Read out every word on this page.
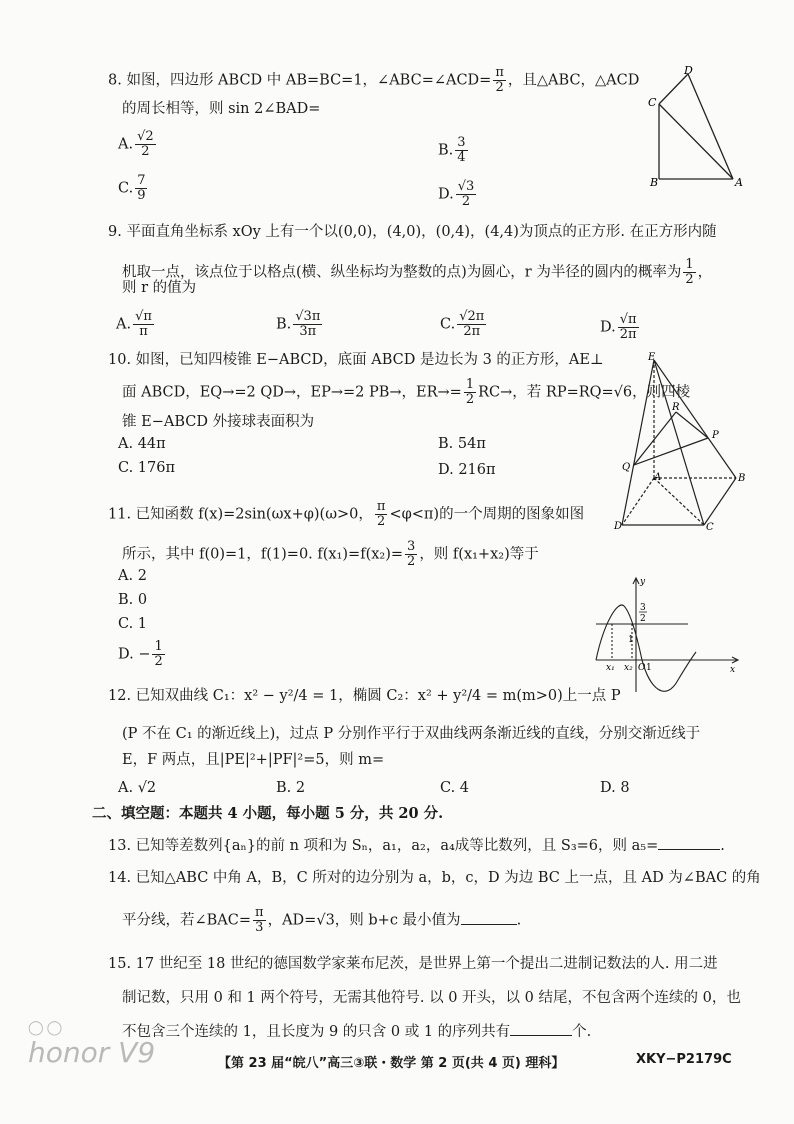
8. 如图，四边形 ABCD 中 AB=BC=1，∠ABC=∠ACD= $\frac{\pi}{2}$ ，且△ABC，△ACD
的周长相等，则 sin 2∠BAD=
A. $\frac{√2}{2}$	B. $\frac{3}{4}$
C. $\frac{7}{9}$	D. $\frac{√3}{2}$
D
C
B	A
9. 平面直角坐标系 xOy 上有一个以(0,0)，(4,0)，(0,4)，(4,4)为顶点的正方形. 在正方形内随
机取一点，该点位于以格点(横、纵坐标均为整数的点)为圆心，r 为半径的圆内的概率为 $\frac{1}{2}$ ，
则 r 的值为
A. $\frac{√\pi}{\pi}$	B. $\frac{√3\pi}{3\pi}$	C. $\frac{√2\pi}{2\pi}$	D. $\frac{√\pi}{2\pi}$
10. 如图，已知四棱锥 E−ABCD，底面 ABCD 是边长为 3 的正方形，AE⊥
面 ABCD，EQ→=2 QD→，EP→=2 PB→，$ER\to= \frac{1}{2} RC\to$，若 RP=RQ=√6，则四棱
锥 E−ABCD 外接球表面积为
A. 44π	B. 54π
C. 176π	D. 216π
E
R
P
Q
A	B
D	C
11. 已知函数 f(x)=2sin(ωx+φ)(ω>0， $\frac{\pi}{2} <\varphi<\pi$)的一个周期的图象如图
所示，其中 f(0)=1，f(1)=0. $f(x_1)=f(x_2)= \frac{3}{2}$ ，则 f(x₁+x₂)等于
A. 2
B. 0
C. 1
D. − $\frac{1}{2}$
y
3
2
1
x₁ x₂ O 1	x
12. 已知双曲线 C₁：x² − y²/4 = 1，椭圆 C₂：x² + y²/4 = m(m>0)上一点 P
(P 不在 C₁ 的渐近线上)，过点 P 分别作平行于双曲线两条渐近线的直线，分别交渐近线于
E，F 两点，且|PE|²+|PF|²=5，则 m=
A. √2	B. 2	C. 4	D. 8
二、填空题：本题共 4 小题，每小题 5 分，共 20 分.
13. 已知等差数列{aₙ}的前 n 项和为 Sₙ，a₁，a₂，a₄成等比数列，且 S₃=6，则 a₅=	.
14. 已知△ABC 中角 A，B，C 所对的边分别为 a，b，c，D 为边 BC 上一点，且 AD 为∠BAC 的角
平分线，若∠BAC= $\frac{\pi}{3}$ ，AD=√3，则 b+c 最小值为	.
15. 17 世纪至 18 世纪的德国数学家莱布尼茨，是世界上第一个提出二进制记数法的人. 用二进
制记数，只用 0 和 1 两个符号，无需其他符号. 以 0 开头，以 0 结尾，不包含两个连续的 0，也
不包含三个连续的 1，且长度为 9 的只含 0 或 1 的序列共有	个.
◯◯
honor V9	【第 23 届“皖八”高三③联・数学 第 2 页(共 4 页) 理科】	XKY−P2179C
